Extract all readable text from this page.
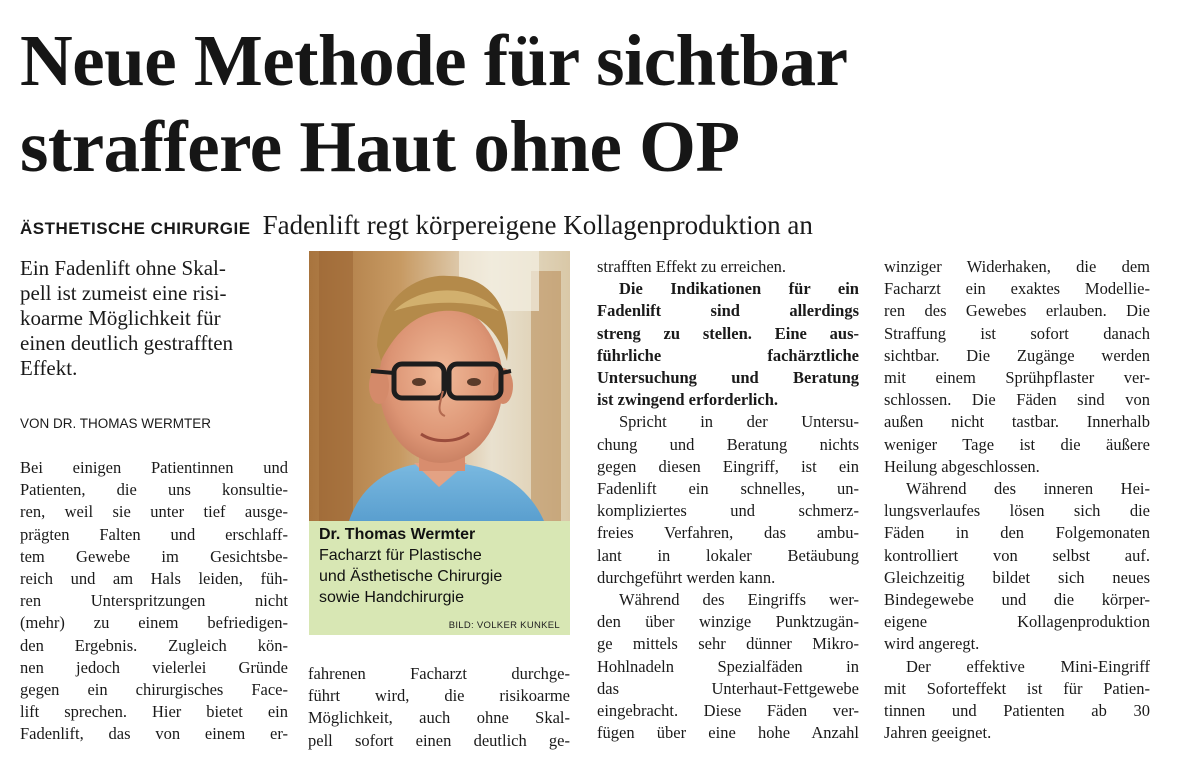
Neue Methode für sichtbar
straffere Haut ohne OP
ÄSTHETISCHE CHIRURGIE Fadenlift regt körpereigene Kollagenproduktion an
Ein Fadenlift ohne Skal-
pell ist zumeist eine risi-
koarme Möglichkeit für
einen deutlich gestrafften
Effekt.
VON DR. THOMAS WERMTER
Bei einigen Patientinnen und
Patienten, die uns konsultie-
ren, weil sie unter tief ausge-
prägten Falten und erschlaff-
tem Gewebe im Gesichtsbe-
reich und am Hals leiden, füh-
ren Unterspritzungen nicht
(mehr) zu einem befriedigen-
den Ergebnis. Zugleich kön-
nen jedoch vielerlei Gründe
gegen ein chirurgisches Face-
lift sprechen. Hier bietet ein
Fadenlift, das von einem er-
Dr. Thomas Wermter
Facharzt für Plastische
und Ästhetische Chirurgie
sowie Handchirurgie
BILD: VOLKER KUNKEL
fahrenen Facharzt durchge-
führt wird, die risikoarme
Möglichkeit, auch ohne Skal-
pell sofort einen deutlich ge-
strafften Effekt zu erreichen.
Die Indikationen für ein
Fadenlift sind allerdings
streng zu stellen. Eine aus-
führliche fachärztliche
Untersuchung und Beratung
ist zwingend erforderlich.
Spricht in der Untersu-
chung und Beratung nichts
gegen diesen Eingriff, ist ein
Fadenlift ein schnelles, un-
kompliziertes und schmerz-
freies Verfahren, das ambu-
lant in lokaler Betäubung
durchgeführt werden kann.
Während des Eingriffs wer-
den über winzige Punktzugän-
ge mittels sehr dünner Mikro-
Hohlnadeln Spezialfäden in
das Unterhaut-Fettgewebe
eingebracht. Diese Fäden ver-
fügen über eine hohe Anzahl
winziger Widerhaken, die dem
Facharzt ein exaktes Modellie-
ren des Gewebes erlauben. Die
Straffung ist sofort danach
sichtbar. Die Zugänge werden
mit einem Sprühpflaster ver-
schlossen. Die Fäden sind von
außen nicht tastbar. Innerhalb
weniger Tage ist die äußere
Heilung abgeschlossen.
Während des inneren Hei-
lungsverlaufes lösen sich die
Fäden in den Folgemonaten
kontrolliert von selbst auf.
Gleichzeitig bildet sich neues
Bindegewebe und die körper-
eigene Kollagenproduktion
wird angeregt.
Der effektive Mini-Eingriff
mit Soforteffekt ist für Patien-
tinnen und Patienten ab 30
Jahren geeignet.
